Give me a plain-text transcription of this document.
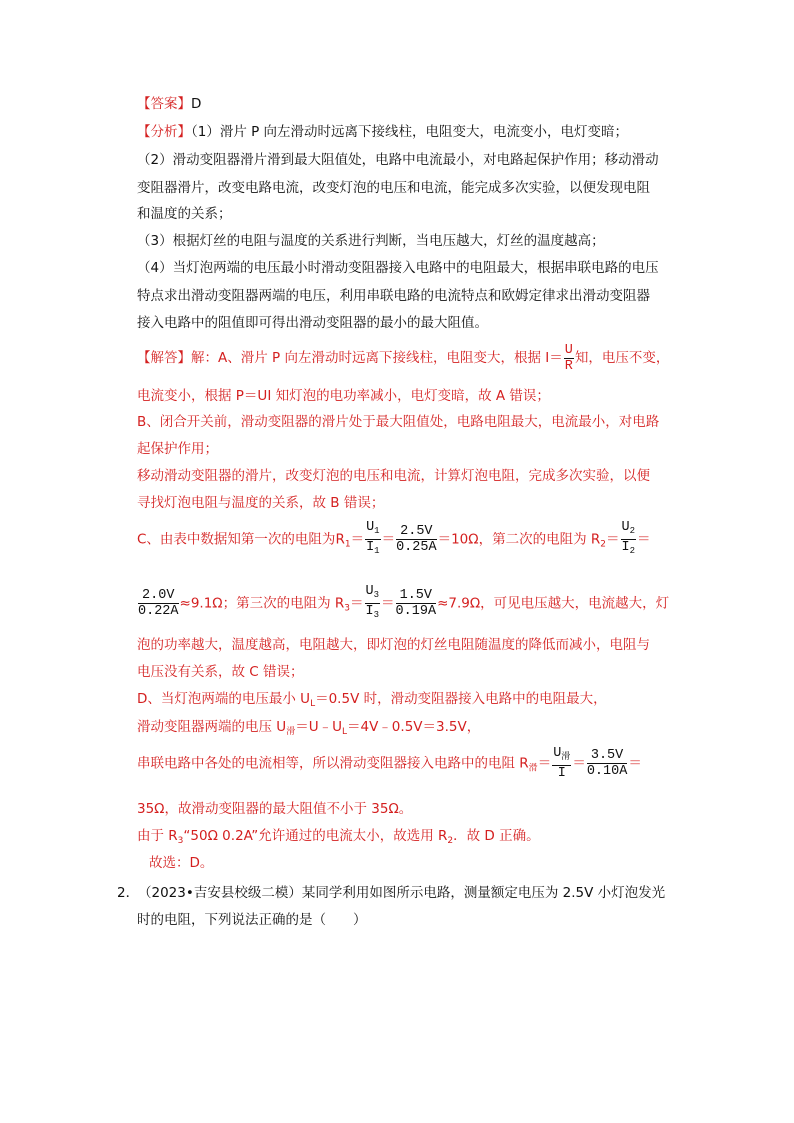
【答案】D
【分析】（1）滑片 P 向左滑动时远离下接线柱，电阻变大，电流变小，电灯变暗；
（2）滑动变阻器滑片滑到最大阻值处，电路中电流最小，对电路起保护作用；移动滑动
变阻器滑片，改变电路电流，改变灯泡的电压和电流，能完成多次实验，以便发现电阻
和温度的关系；
（3）根据灯丝的电阻与温度的关系进行判断，当电压越大，灯丝的温度越高；
（4）当灯泡两端的电压最小时滑动变阻器接入电路中的电阻最大，根据串联电路的电压
特点求出滑动变阻器两端的电压，利用串联电路的电流特点和欧姆定律求出滑动变阻器
接入电路中的阻值即可得出滑动变阻器的最小的最大阻值。
【解答】解：A、滑片 P 向左滑动时远离下接线柱，电阻变大，根据 $I= \frac{U}{R}$ 知，电压不变，
电流变小，根据 P＝UI 知灯泡的电功率减小，电灯变暗，故 A 错误；
B、闭合开关前，滑动变阻器的滑片处于最大阻值处，电路电阻最大，电流最小，对电路
起保护作用；
移动滑动变阻器的滑片，改变灯泡的电压和电流，计算灯泡电阻，完成多次实验，以便
寻找灯泡电阻与温度的关系，故 B 错误；
C、由表中数据知第一次的电阻为$R_1= \frac{U_1}{I_1} = \frac{2.5V}{0.25A} =10\Omega$，第二次的电阻为 $R_2= \frac{U_2}{I_2}$ ＝
$\frac{2.0V}{0.22A} \approx 9.1\Omega$；第三次的电阻为 $R_3= \frac{U_3}{I_3} = \frac{1.5V}{0.19A} \approx 7.9\Omega$，可见电压越大，电流越大，灯
泡的功率越大，温度越高，电阻越大，即灯泡的灯丝电阻随温度的降低而减小，电阻与
电压没有关系，故 C 错误；
D、当灯泡两端的电压最小 $U_L=0.5V$ 时，滑动变阻器接入电路中的电阻最大，
滑动变阻器两端的电压 $U_滑=U﹣U_L=4V﹣0.5V=3.5V$，
串联电路中各处的电流相等，所以滑动变阻器接入电路中的电阻 $R_滑= \frac{U_滑}{I} = \frac{3.5V}{0.10A}$ ＝
35Ω，故滑动变阻器的最大阻值不小于 35Ω。
由于 $R_3“50\Omega$ 0.2A”允许通过的电流太小，故选用 $R_2$．故 D 正确。
故选：D。
2．
（2023•吉安县校级二模）某同学利用如图所示电路，测量额定电压为 2.5V 小灯泡发光
时的电阻，下列说法正确的是（　　）
